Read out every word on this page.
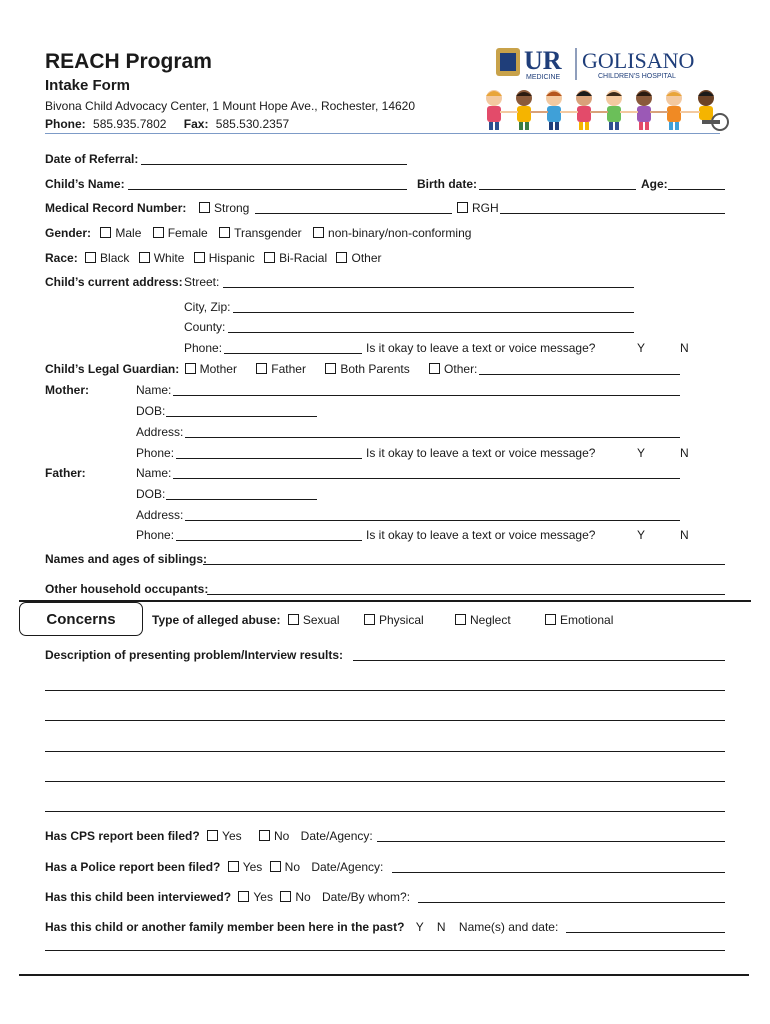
REACH Program
Intake Form
Bivona Child Advocacy Center, 1 Mount Hope Ave., Rochester, 14620
Phone: 585.935.7802 Fax: 585.530.2357
UR
MEDICINE
GOLISANO
CHILDREN'S HOSPITAL
Date of Referral:
Child’s Name:	Birth date:	Age:
Medical Record Number:	Strong	RGH
Gender: Male Female Transgender non-binary/non-conforming
Race: Black White Hispanic Bi-Racial Other
Child’s current address: Street:
City, Zip:
County:
Phone:	Is it okay to leave a text or voice message?	Y	N
Child’s Legal Guardian: Mother	Father	Both Parents	Other:
Mother:	Name:
DOB:
Address:
Phone:	Is it okay to leave a text or voice message?	Y	N
Father:	Name:
DOB:
Address:
Phone:	Is it okay to leave a text or voice message?	Y	N
Names and ages of siblings:
Other household occupants:
Concerns	Type of alleged abuse: Sexual	Physical	Neglect	Emotional
Description of presenting problem/Interview results:
Has CPS report been filed? Yes	No Date/Agency:
Has a Police report been filed? Yes No Date/Agency:
Has this child been interviewed? Yes No Date/By whom?:
Has this child or another family member been here in the past? Y N Name(s) and date:
